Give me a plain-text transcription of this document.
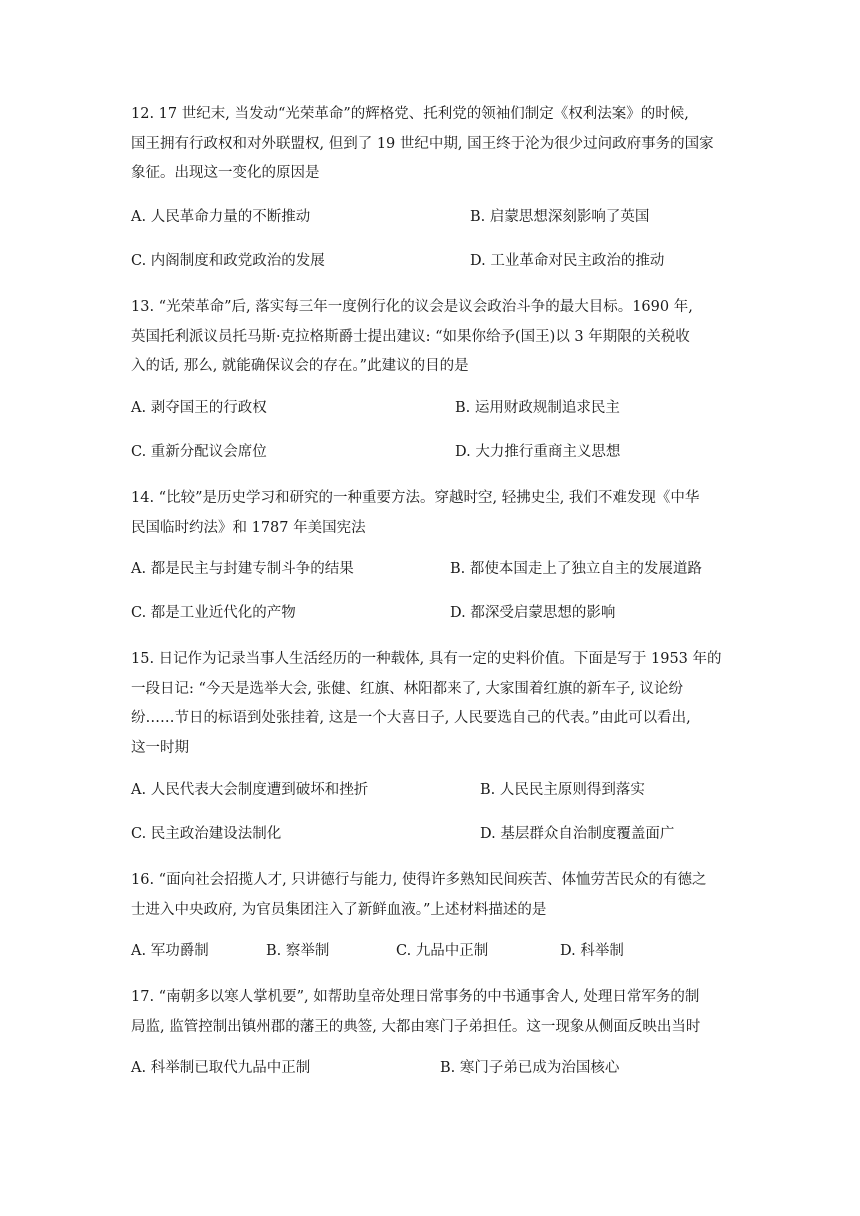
12. 17 世纪末, 当发动“光荣革命”的辉格党、托利党的领袖们制定《权利法案》的时候,
国王拥有行政权和对外联盟权, 但到了 19 世纪中期, 国王终于沦为很少过问政府事务的国家
象征。出现这一变化的原因是
A. 人民革命力量的不断推动	B. 启蒙思想深刻影响了英国
C. 内阁制度和政党政治的发展	D. 工业革命对民主政治的推动
13. “光荣革命”后, 落实每三年一度例行化的议会是议会政治斗争的最大目标。1690 年,
英国托利派议员托马斯·克拉格斯爵士提出建议: “如果你给予(国王)以 3 年期限的关税收
入的话, 那么, 就能确保议会的存在。”此建议的目的是
A. 剥夺国王的行政权	B. 运用财政规制追求民主
C. 重新分配议会席位	D. 大力推行重商主义思想
14. “比较”是历史学习和研究的一种重要方法。穿越时空, 轻拂史尘, 我们不难发现《中华
民国临时约法》和 1787 年美国宪法
A. 都是民主与封建专制斗争的结果	B. 都使本国走上了独立自主的发展道路
C. 都是工业近代化的产物	D. 都深受启蒙思想的影响
15. 日记作为记录当事人生活经历的一种载体, 具有一定的史料价值。下面是写于 1953 年的
一段日记: “今天是选举大会, 张健、红旗、林阳都来了, 大家围着红旗的新车子, 议论纷
纷……节日的标语到处张挂着, 这是一个大喜日子, 人民要选自己的代表。”由此可以看出,
这一时期
A. 人民代表大会制度遭到破坏和挫折	B. 人民民主原则得到落实
C. 民主政治建设法制化	D. 基层群众自治制度覆盖面广
16. “面向社会招揽人才, 只讲德行与能力, 使得许多熟知民间疾苦、体恤劳苦民众的有德之
士进入中央政府, 为官员集团注入了新鲜血液。”上述材料描述的是
A. 军功爵制	B. 察举制	C. 九品中正制	D. 科举制
17. “南朝多以寒人掌机要”, 如帮助皇帝处理日常事务的中书通事舍人, 处理日常军务的制
局监, 监管控制出镇州郡的藩王的典签, 大都由寒门子弟担任。这一现象从侧面反映出当时
A. 科举制已取代九品中正制	B. 寒门子弟已成为治国核心
